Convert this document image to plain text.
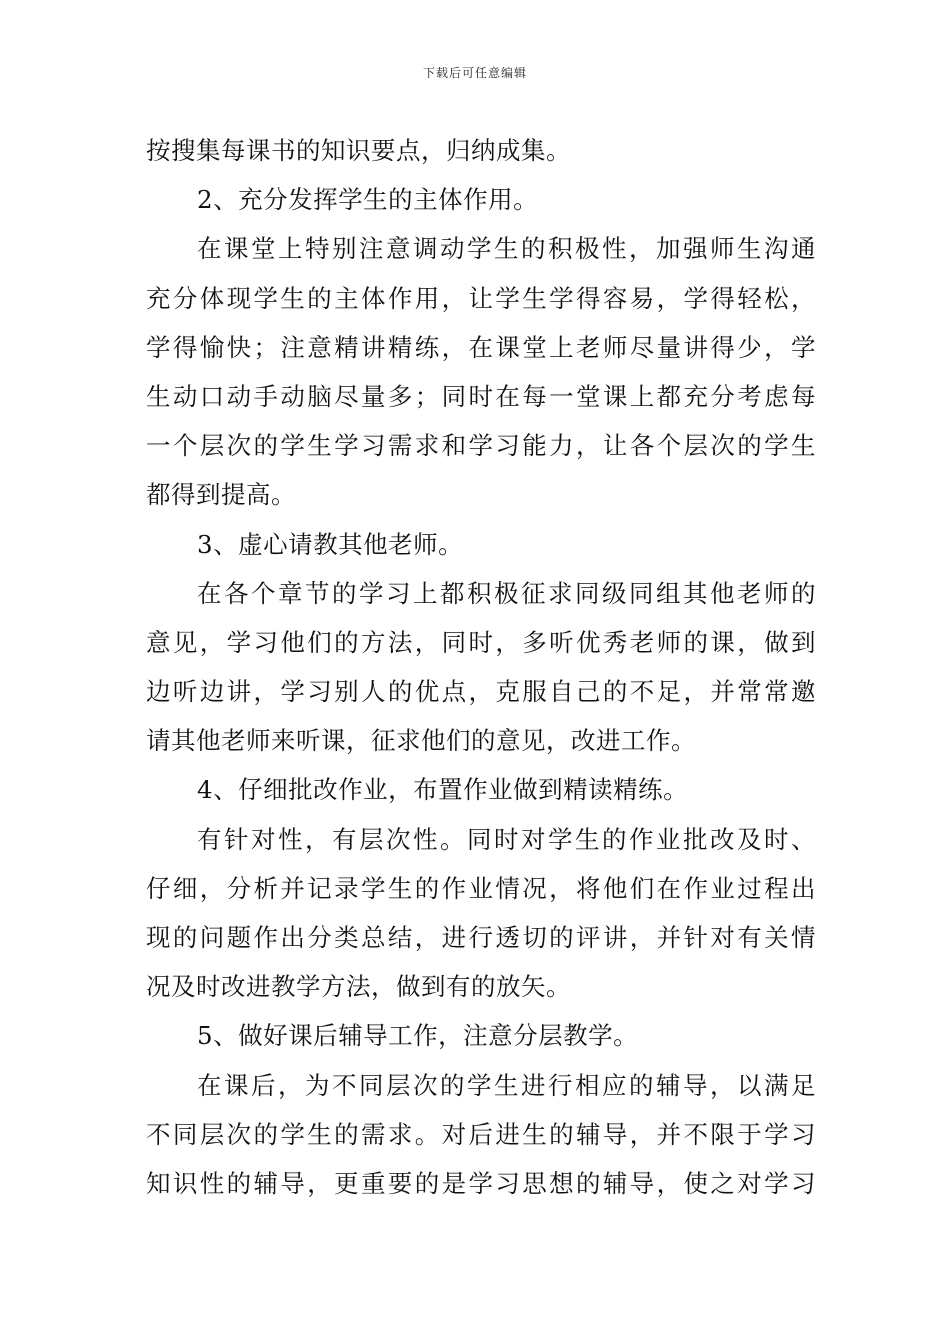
下载后可任意编辑
按搜集每课书的知识要点，归纳成集。
2、充分发挥学生的主体作用。
在课堂上特别注意调动学生的积极性，加强师生沟通
充分体现学生的主体作用，让学生学得容易，学得轻松，
学得愉快；注意精讲精练，在课堂上老师尽量讲得少，学
生动口动手动脑尽量多；同时在每一堂课上都充分考虑每
一个层次的学生学习需求和学习能力，让各个层次的学生
都得到提高。
3、虚心请教其他老师。
在各个章节的学习上都积极征求同级同组其他老师的
意见，学习他们的方法，同时，多听优秀老师的课，做到
边听边讲，学习别人的优点，克服自己的不足，并常常邀
请其他老师来听课，征求他们的意见，改进工作。
4、仔细批改作业，布置作业做到精读精练。
有针对性，有层次性。同时对学生的作业批改及时、
仔细，分析并记录学生的作业情况，将他们在作业过程出
现的问题作出分类总结，进行透切的评讲，并针对有关情
况及时改进教学方法，做到有的放矢。
5、做好课后辅导工作，注意分层教学。
在课后，为不同层次的学生进行相应的辅导，以满足
不同层次的学生的需求。对后进生的辅导，并不限于学习
知识性的辅导，更重要的是学习思想的辅导，使之对学习
